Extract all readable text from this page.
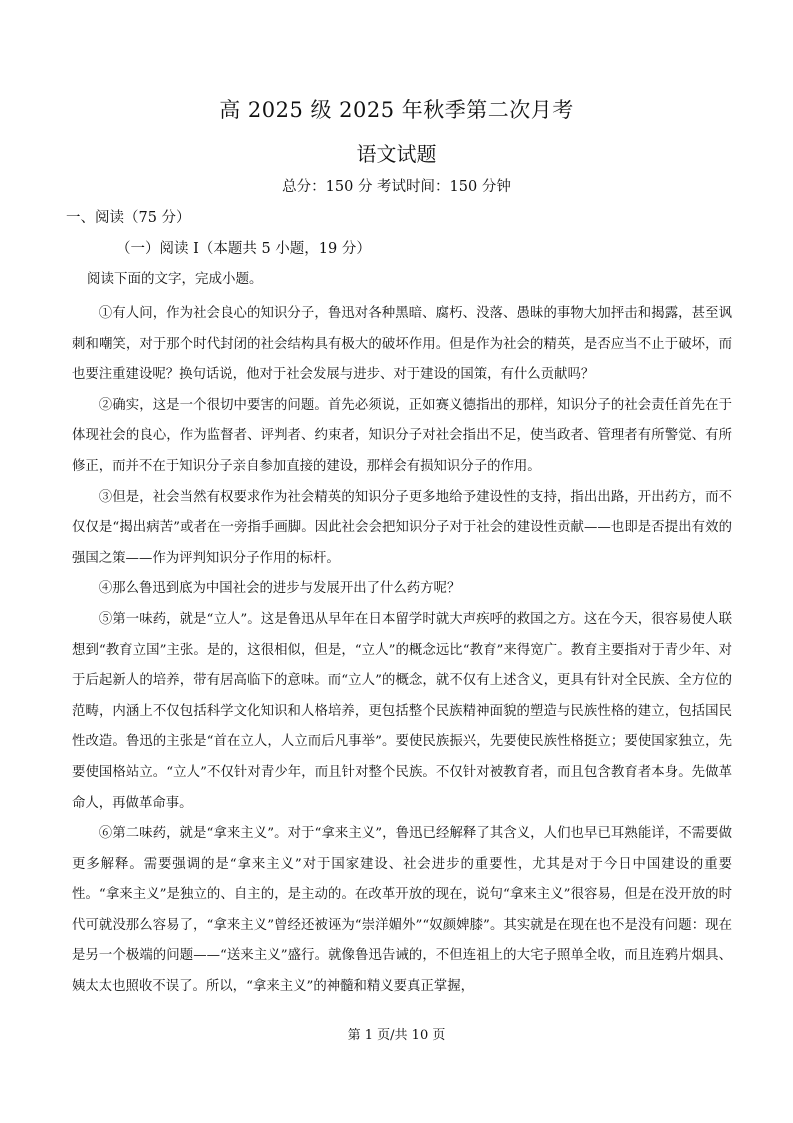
高 2025 级 2025 年秋季第二次月考
语文试题
总分：150 分 考试时间：150 分钟
一、阅读（75 分）
（一）阅读 I（本题共 5 小题，19 分）
阅读下面的文字，完成小题。

①有人问，作为社会良心的知识分子，鲁迅对各种黑暗、腐朽、没落、愚昧的事物大加抨击和揭露，甚至讽刺和嘲笑，对于那个时代封闭的社会结构具有极大的破坏作用。但是作为社会的精英，是否应当不止于破坏，而也要注重建设呢？换句话说，他对于社会发展与进步、对于建设的国策，有什么贡献吗？

②确实，这是一个很切中要害的问题。首先必须说，正如赛义德指出的那样，知识分子的社会责任首先在于体现社会的良心，作为监督者、评判者、约束者，知识分子对社会指出不足，使当政者、管理者有所警觉、有所修正，而并不在于知识分子亲自参加直接的建设，那样会有损知识分子的作用。

③但是，社会当然有权要求作为社会精英的知识分子更多地给予建设性的支持，指出出路，开出药方，而不仅仅是“揭出病苦”或者在一旁指手画脚。因此社会会把知识分子对于社会的建设性贡献——也即是否提出有效的强国之策——作为评判知识分子作用的标杆。

④那么鲁迅到底为中国社会的进步与发展开出了什么药方呢？

⑤第一味药，就是“立人”。这是鲁迅从早年在日本留学时就大声疾呼的救国之方。这在今天，很容易使人联想到“教育立国”主张。是的，这很相似，但是，“立人”的概念远比“教育”来得宽广。教育主要指对于青少年、对于后起新人的培养，带有居高临下的意味。而“立人”的概念，就不仅有上述含义，更具有针对全民族、全方位的范畴，内涵上不仅包括科学文化知识和人格培养，更包括整个民族精神面貌的塑造与民族性格的建立，包括国民性改造。鲁迅的主张是“首在立人，人立而后凡事举”。要使民族振兴，先要使民族性格挺立；要使国家独立，先要使国格站立。“立人”不仅针对青少年，而且针对整个民族。不仅针对被教育者，而且包含教育者本身。先做革命人，再做革命事。

⑥第二味药，就是“拿来主义”。对于“拿来主义”，鲁迅已经解释了其含义，人们也早已耳熟能详，不需要做更多解释。需要强调的是“拿来主义”对于国家建设、社会进步的重要性，尤其是对于今日中国建设的重要性。“拿来主义”是独立的、自主的，是主动的。在改革开放的现在，说句“拿来主义”很容易，但是在没开放的时代可就没那么容易了，“拿来主义”曾经还被诬为“崇洋媚外”“奴颜婢膝”。其实就是在现在也不是没有问题：现在是另一个极端的问题——“送来主义”盛行。就像鲁迅告诫的，不但连祖上的大宅子照单全收，而且连鸦片烟具、姨太太也照收不误了。所以，“拿来主义”的神髓和精义要真正掌握，

第 1 页/共 10 页
